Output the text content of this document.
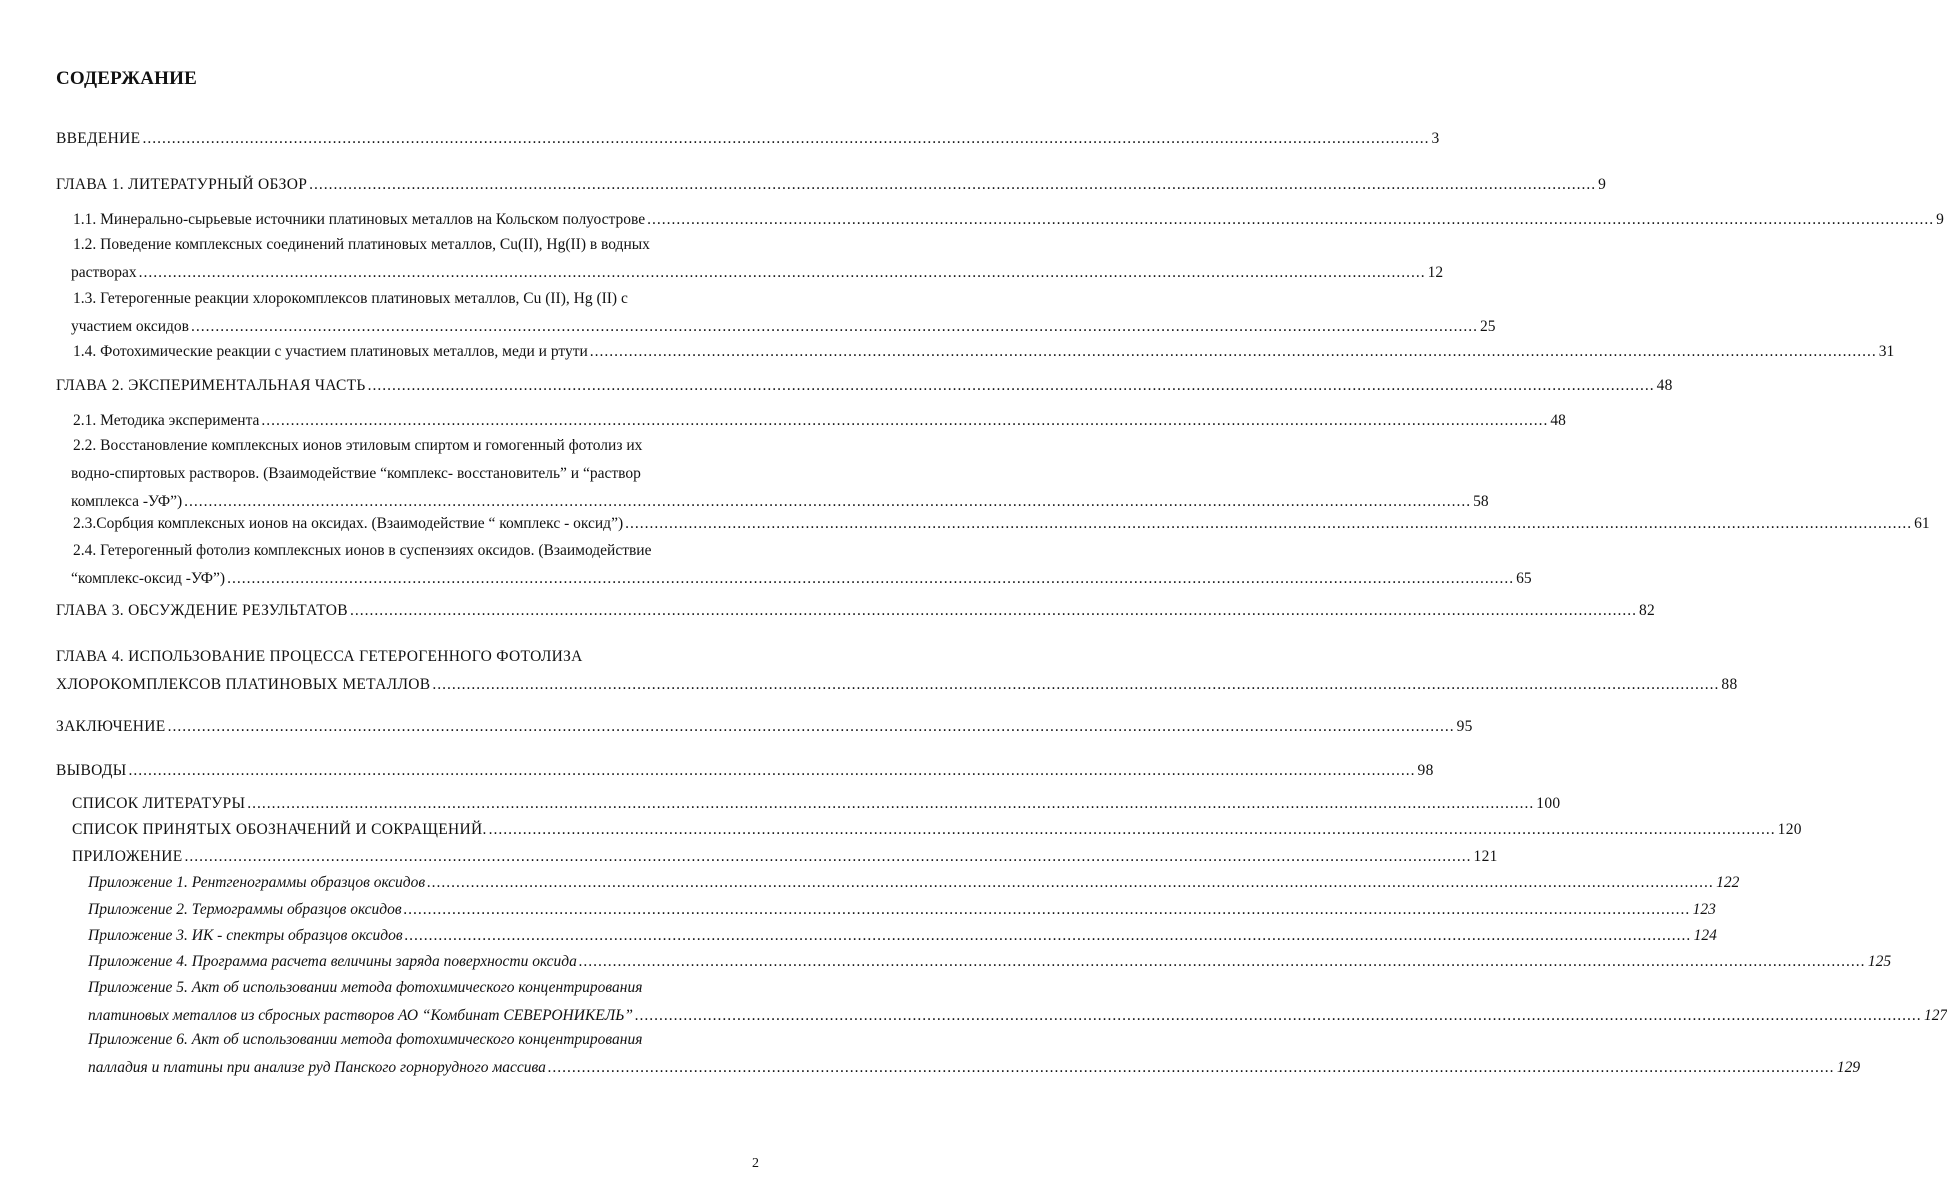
СОДЕРЖАНИЕ
ВВЕДЕНИЕ .....	3
ГЛАВА 1. ЛИТЕРАТУРНЫЙ ОБЗОР .....	9
1.1. Минерально-сырьевые источники платиновых металлов на Кольском полуострове .....	9
1.2. Поведение комплексных соединений платиновых металлов, Cu(II), Hg(II) в водных
растворах .....	12
1.3. Гетерогенные реакции хлорокомплексов платиновых металлов, Cu (II), Hg (II) с
участием оксидов .....	25
1.4. Фотохимические реакции с участием платиновых металлов, меди и ртути .....	31
ГЛАВА 2. ЭКСПЕРИМЕНТАЛЬНАЯ ЧАСТЬ .....	48
2.1. Методика эксперимента .....	48
2.2. Восстановление комплексных ионов этиловым спиртом и гомогенный фотолиз их
водно-спиртовых растворов. (Взаимодействие “комплекс- восстановитель” и “раствор
комплекса -УФ”) .....	58
2.3.Сорбция комплексных ионов на оксидах. (Взаимодействие “ комплекс - оксид”) .....	61
2.4. Гетерогенный фотолиз комплексных ионов в суспензиях оксидов. (Взаимодействие
“комплекс-оксид -УФ”) .....	65
ГЛАВА 3. ОБСУЖДЕНИЕ РЕЗУЛЬТАТОВ .....	82
ГЛАВА 4. ИСПОЛЬЗОВАНИЕ ПРОЦЕССА ГЕТЕРОГЕННОГО ФОТОЛИЗА
ХЛОРОКОМПЛЕКСОВ ПЛАТИНОВЫХ МЕТАЛЛОВ .....	88
ЗАКЛЮЧЕНИЕ .....	95
ВЫВОДЫ .....	98
СПИСОК ЛИТЕРАТУРЫ .....	100
СПИСОК ПРИНЯТЫХ ОБОЗНАЧЕНИЙ И СОКРАЩЕНИЙ. .....	120
ПРИЛОЖЕНИЕ .....	121
Приложение 1. Рентгенограммы образцов оксидов .....	122
Приложение 2. Термограммы образцов оксидов .....	123
Приложение 3. ИК - спектры образцов оксидов .....	124
Приложение 4. Программа расчета величины заряда поверхности оксида .....	125
Приложение 5. Акт об использовании метода фотохимического концентрирования
платиновых металлов из сбросных растворов АО “Комбинат СЕВЕРОНИКЕЛЬ” .....	127
Приложение 6. Акт об использовании метода фотохимического концентрирования
палладия и платины при анализе руд Панского горнорудного массива .....	129
2
